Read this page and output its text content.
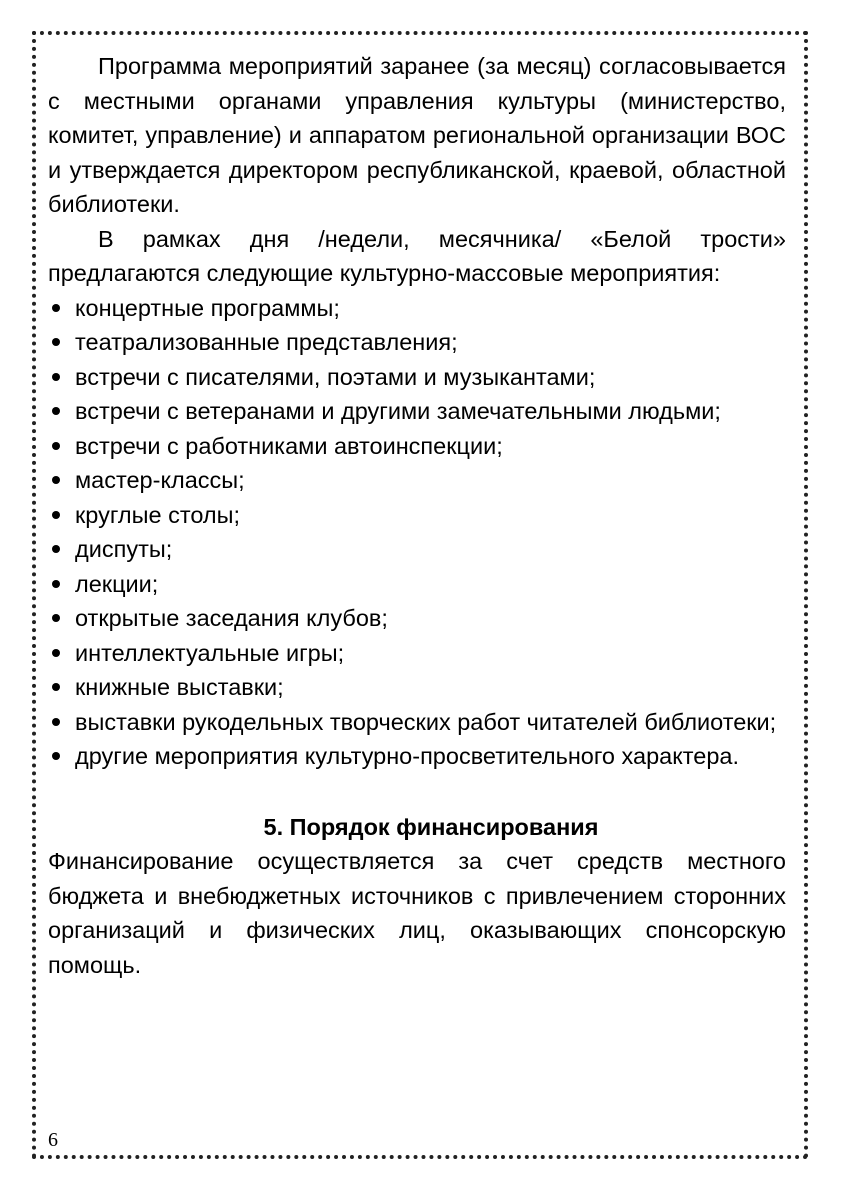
Программа мероприятий заранее (за месяц) согласовывается с местными органами управления культуры (министерство, комитет, управление) и аппаратом региональной организации ВОС и утверждается директором республиканской, краевой, областной библиотеки.

В рамках дня /недели, месячника/ «Белой трости» предлагаются следующие культурно-массовые мероприятия:

концертные программы;
театрализованные представления;
встречи с писателями, поэтами и музыкантами;
встречи с ветеранами и другими замечательными людьми;
встречи с работниками автоинспекции;
мастер-классы;
круглые столы;
диспуты;
лекции;
открытые заседания клубов;
интеллектуальные игры;
книжные выставки;
выставки рукодельных творческих работ читателей библиотеки;
другие мероприятия культурно-просветительного характера.
5. Порядок финансирования

Финансирование осуществляется за счет средств местного бюджета и внебюджетных источников с привлечением сторонних организаций и физических лиц, оказывающих спонсорскую помощь.

6
